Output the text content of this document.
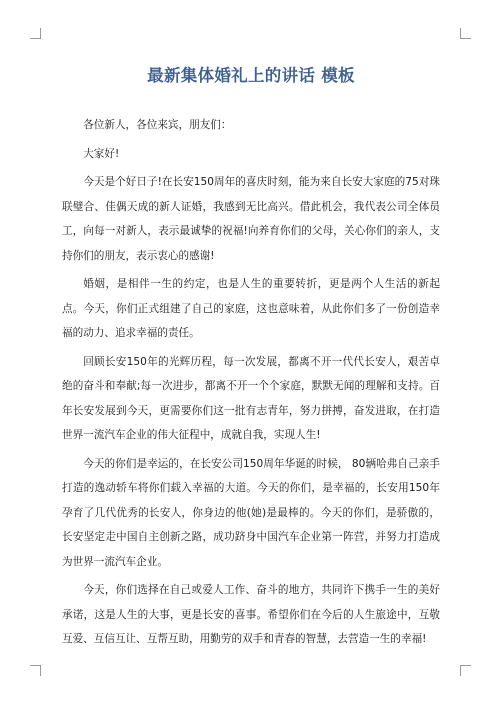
最新集体婚礼上的讲话 模板

各位新人，各位来宾，朋友们：

大家好!

今天是个好日子!在长安150周年的喜庆时刻，能为来自长安大家庭的75对珠联璧合、佳偶天成的新人证婚，我感到无比高兴。借此机会，我代表公司全体员工，向每一对新人，表示最诚挚的祝福!向养育你们的父母，关心你们的亲人，支持你们的朋友，表示衷心的感谢!

婚姻，是相伴一生的约定，也是人生的重要转折，更是两个人生活的新起点。今天，你们正式组建了自己的家庭，这也意味着，从此你们多了一份创造幸福的动力、追求幸福的责任。

回顾长安150年的光辉历程，每一次发展，都离不开一代代长安人，艰苦卓绝的奋斗和奉献;每一次进步，都离不开一个个家庭，默默无闻的理解和支持。百年长安发展到今天，更需要你们这一批有志青年，努力拼搏，奋发进取，在打造世界一流汽车企业的伟大征程中，成就自我，实现人生!

今天的你们是幸运的，在长安公司150周年华诞的时候， 80辆哈弗自己亲手打造的逸动轿车将你们载入幸福的大道。今天的你们，是幸福的，长安用150年孕育了几代优秀的长安人，你身边的他(她)是最棒的。今天的你们，是骄傲的，长安坚定走中国自主创新之路，成功跻身中国汽车企业第一阵营，并努力打造成为世界一流汽车企业。

今天，你们选择在自己或爱人工作、奋斗的地方，共同许下携手一生的美好承诺，这是人生的大事，更是长安的喜事。希望你们在今后的人生旅途中，互敬互爱、互信互让、互帮互助，用勤劳的双手和青春的智慧，去营造一生的幸福!
